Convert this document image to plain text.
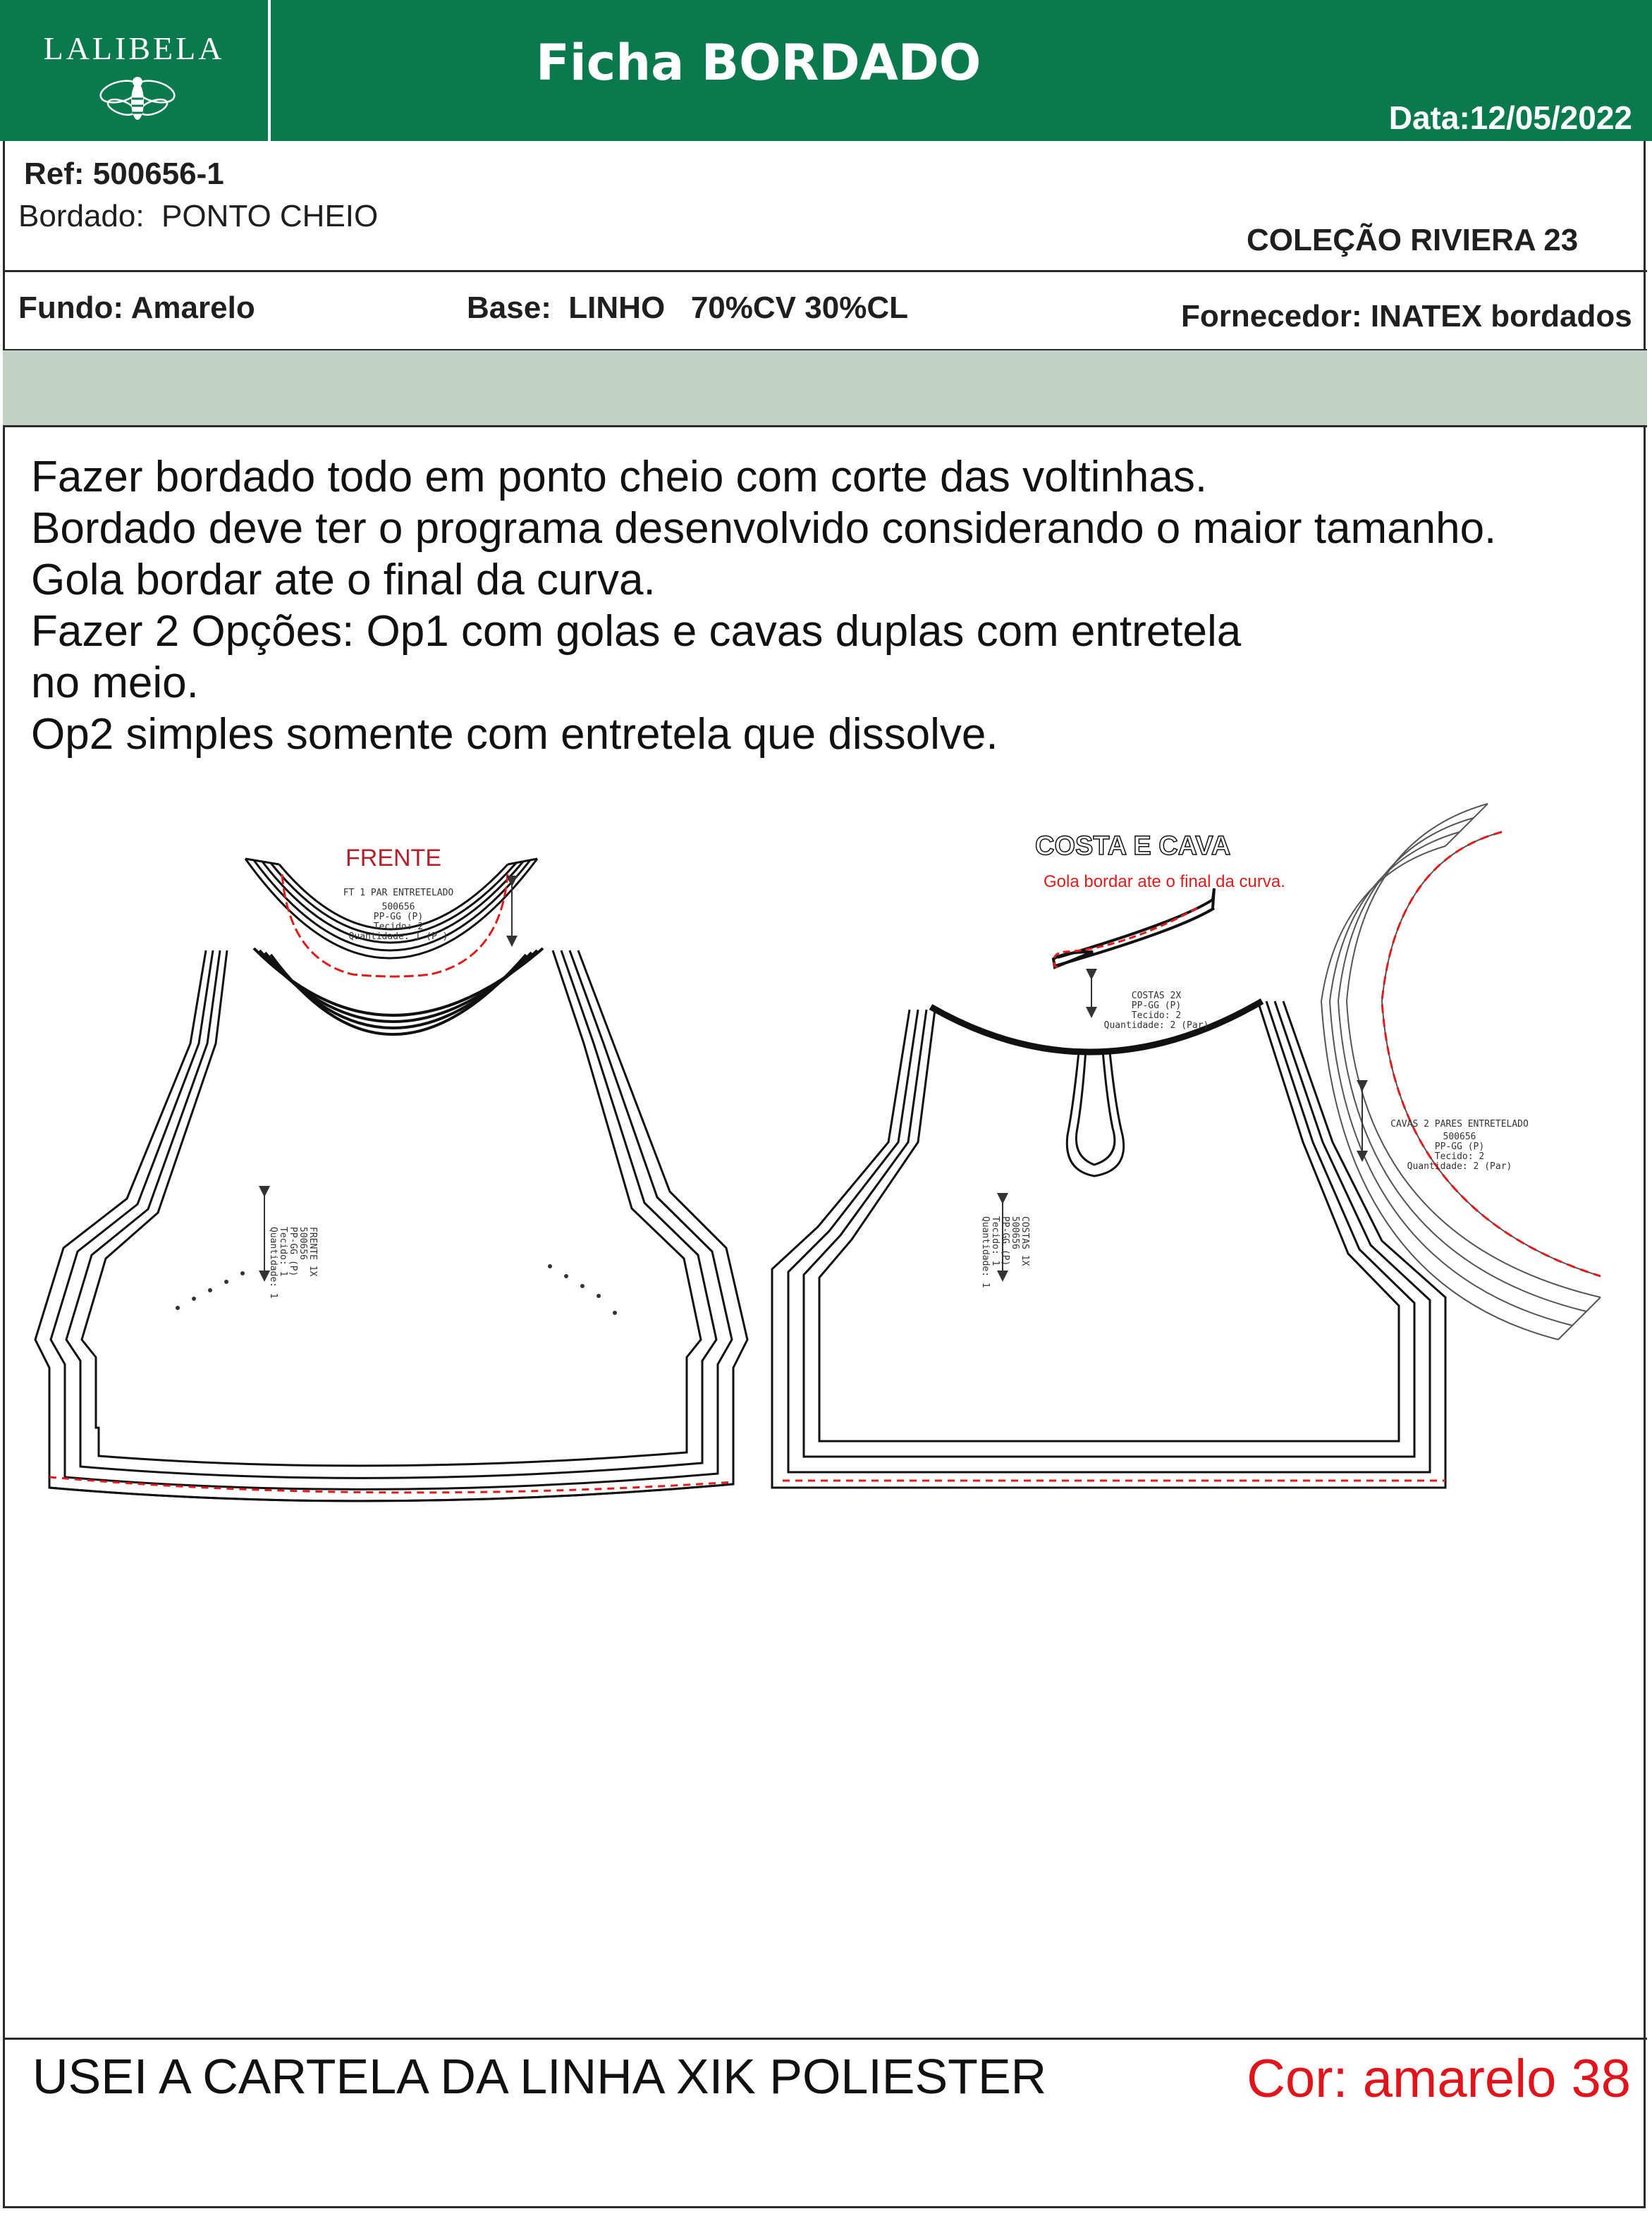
LALIBELA	Ficha BORDADO
Data:12/05/2022
Ref: 500656-1
Bordado:  PONTO CHEIO
COLEÇÃO RIVIERA 23
Fundo: Amarelo	Base:  LINHO   70%CV 30%CL	Fornecedor: INATEX bordados
Fazer bordado todo em ponto cheio com corte das voltinhas.
Bordado deve ter o programa desenvolvido considerando o maior tamanho.
Gola bordar ate o final da curva.
Fazer 2 Opções: Op1 com golas e cavas duplas com entretela
no meio.
Op2 simples somente com entretela que dissolve.
FRENTE
FT 1 PAR ENTRETELADO
500656
PP-GG (P)
Tecido: 2
Quantidade: 1 (P )
FRENTE 1X
500656
PP-GG (P)
Tecido: 1
Quantidade: 1	COSTAS 1X
500656
PP-GG (P)
Tecido: 1
Quantidade: 1
COSTA E CAVA
Gola bordar ate o final da curva.
COSTAS 2X
PP-GG (P)
Tecido: 2
Quantidade: 2 (Par)
CAVAS 2 PARES ENTRETELADO
500656
PP-GG (P)
Tecido: 2
Quantidade: 2 (Par)
USEI A CARTELA DA LINHA XIK POLIESTER	Cor: amarelo 38
